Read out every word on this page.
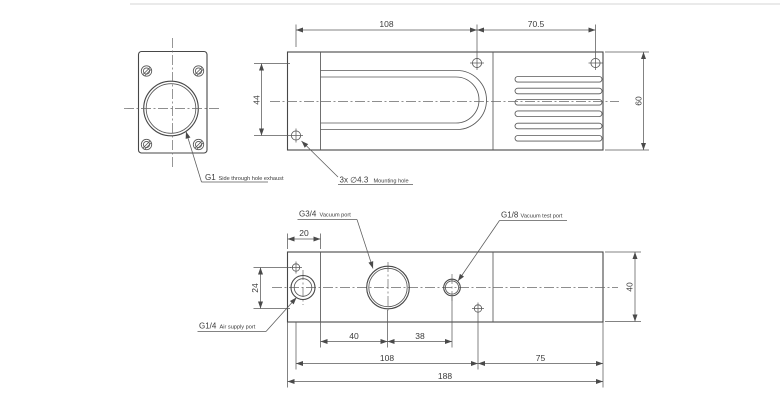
G1 Side through hole exhaust
108	70.5
44	60
3x ∅4.3 Mounting hole
20
24
40	38
108	75
188
40
G3/4 Vacuum port	G1/8 Vacuum test port
G1/4 Air supply port
